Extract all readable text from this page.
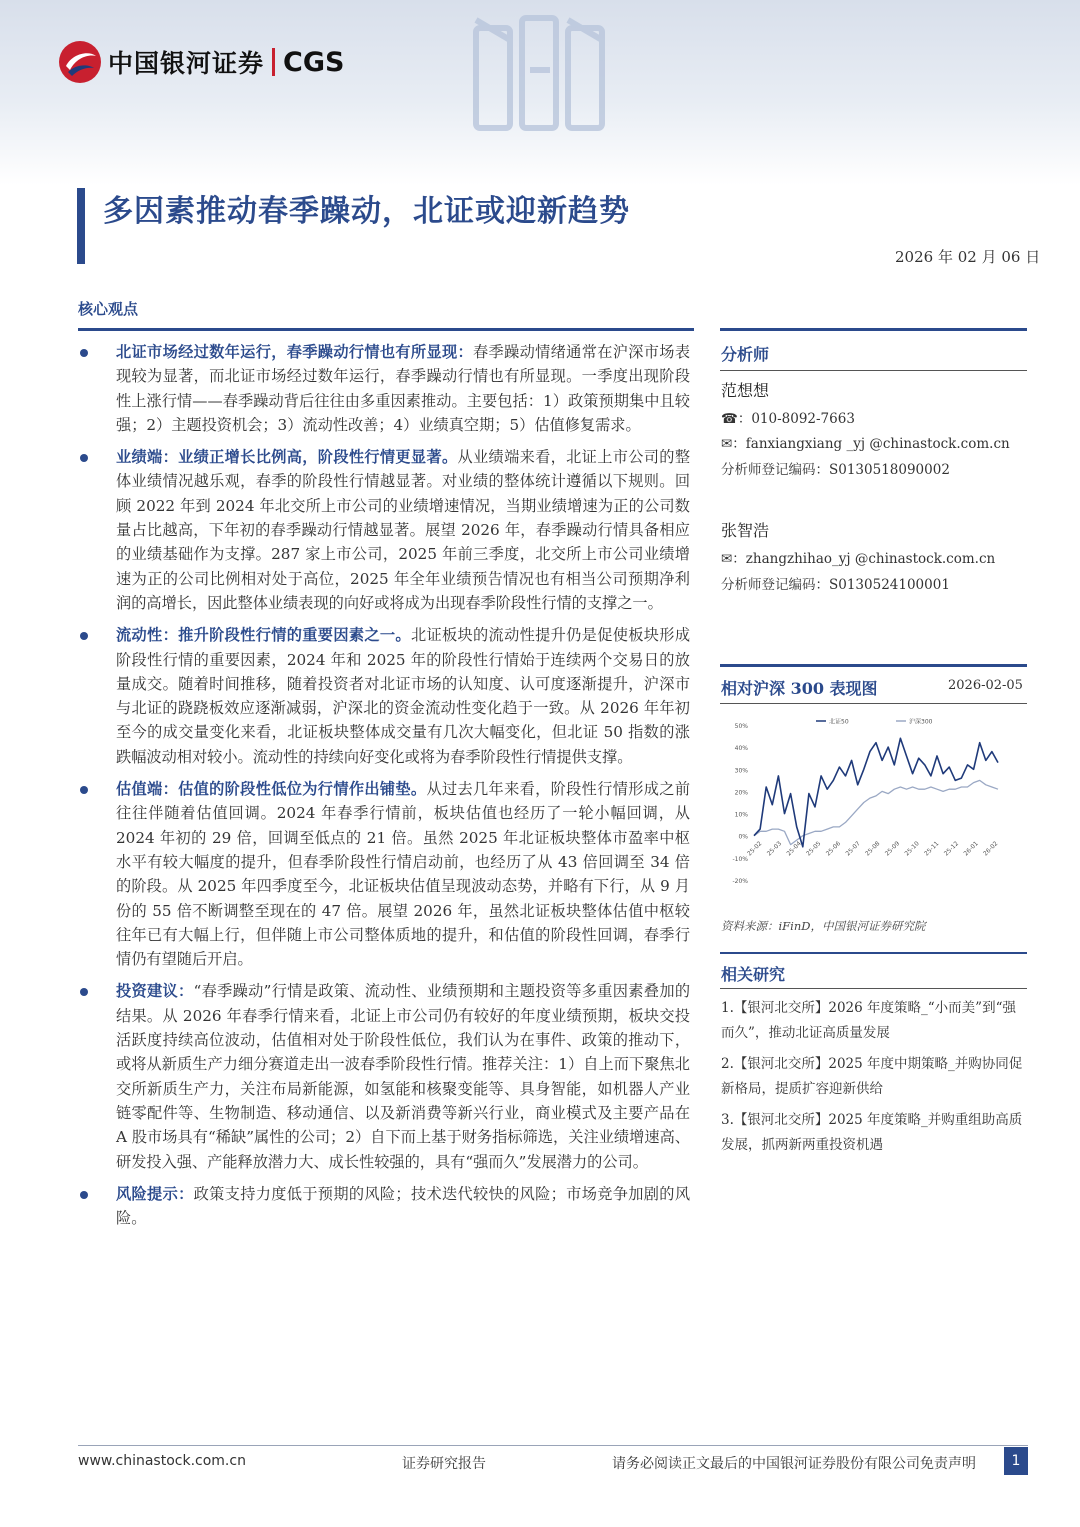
中国银河证券 CGS
多因素推动春季躁动，北证或迎新趋势
2026 年 02 月 06 日
核心观点
北证市场经过数年运行，春季躁动行情也有所显现：春季躁动情绪通常在沪深市场表现较为显著，而北证市场经过数年运行，春季躁动行情也有所显现。一季度出现阶段性上涨行情——春季躁动背后往往由多重因素推动。主要包括：1）政策预期集中且较强；2）主题投资机会；3）流动性改善；4）业绩真空期；5）估值修复需求。
业绩端：业绩正增长比例高，阶段性行情更显著。从业绩端来看，北证上市公司的整体业绩情况越乐观，春季的阶段性行情越显著。对业绩的整体统计遵循以下规则。回顾 2022 年到 2024 年北交所上市公司的业绩增速情况，当期业绩增速为正的公司数量占比越高，下年初的春季躁动行情越显著。展望 2026 年，春季躁动行情具备相应的业绩基础作为支撑。287 家上市公司，2025 年前三季度，北交所上市公司业绩增速为正的公司比例相对处于高位，2025 年全年业绩预告情况也有相当公司预期净利润的高增长，因此整体业绩表现的向好或将成为出现春季阶段性行情的支撑之一。
流动性：推升阶段性行情的重要因素之一。北证板块的流动性提升仍是促使板块形成阶段性行情的重要因素，2024 年和 2025 年的阶段性行情始于连续两个交易日的放量成交。随着时间推移，随着投资者对北证市场的认知度、认可度逐渐提升，沪深市与北证的跷跷板效应逐渐减弱，沪深北的资金流动性变化趋于一致。从 2026 年年初至今的成交量变化来看，北证板块整体成交量有几次大幅变化，但北证 50 指数的涨跌幅波动相对较小。流动性的持续向好变化或将为春季阶段性行情提供支撑。
估值端：估值的阶段性低位为行情作出铺垫。从过去几年来看，阶段性行情形成之前往往伴随着估值回调。2024 年春季行情前，板块估值也经历了一轮小幅回调，从 2024 年初的 29 倍，回调至低点的 21 倍。虽然 2025 年北证板块整体市盈率中枢水平有较大幅度的提升，但春季阶段性行情启动前，也经历了从 43 倍回调至 34 倍的阶段。从 2025 年四季度至今，北证板块估值呈现波动态势，并略有下行，从 9 月份的 55 倍不断调整至现在的 47 倍。展望 2026 年，虽然北证板块整体估值中枢较往年已有大幅上行，但伴随上市公司整体质地的提升，和估值的阶段性回调，春季行情仍有望随后开启。
投资建议：“春季躁动”行情是政策、流动性、业绩预期和主题投资等多重因素叠加的结果。从 2026 年春季行情来看，北证上市公司仍有较好的年度业绩预期，板块交投活跃度持续高位波动，估值相对处于阶段性低位，我们认为在事件、政策的推动下，或将从新质生产力细分赛道走出一波春季阶段性行情。推荐关注：1）自上而下聚焦北交所新质生产力，关注布局新能源，如氢能和核聚变能等、具身智能，如机器人产业链零配件等、生物制造、移动通信、以及新消费等新兴行业，商业模式及主要产品在 A 股市场具有“稀缺”属性的公司；2）自下而上基于财务指标筛选，关注业绩增速高、研发投入强、产能释放潜力大、成长性较强的，具有“强而久”发展潜力的公司。
风险提示：政策支持力度低于预期的风险；技术迭代较快的风险；市场竞争加剧的风险。
分析师
范想想
☎：010-8092-7663
✉：fanxiangxiang _yj @chinastock.com.cn
分析师登记编码：S0130518090002
张智浩
✉：zhangzhihao_yj @chinastock.com.cn
分析师登记编码：S0130524100001
相对沪深 300 表现图	2026-02-05
50%
40%
30%
20%
10%
0%
-10%
-20%
25-02 25-03 25-04 25-05 25-06 25-07 25-08 25-09 25-10 25-11 25-12 26-01 26-02
北证50	沪深300
资料来源：iFinD，中国银河证券研究院
相关研究
1.【银河北交所】2026 年度策略_“小而美”到“强而久”，推动北证高质量发展
2.【银河北交所】2025 年度中期策略_并购协同促新格局，提质扩容迎新供给
3.【银河北交所】2025 年度策略_并购重组助高质发展，抓两新两重投资机遇
www.chinastock.com.cn	证券研究报告	请务必阅读正文最后的中国银河证券股份有限公司免责声明	1
